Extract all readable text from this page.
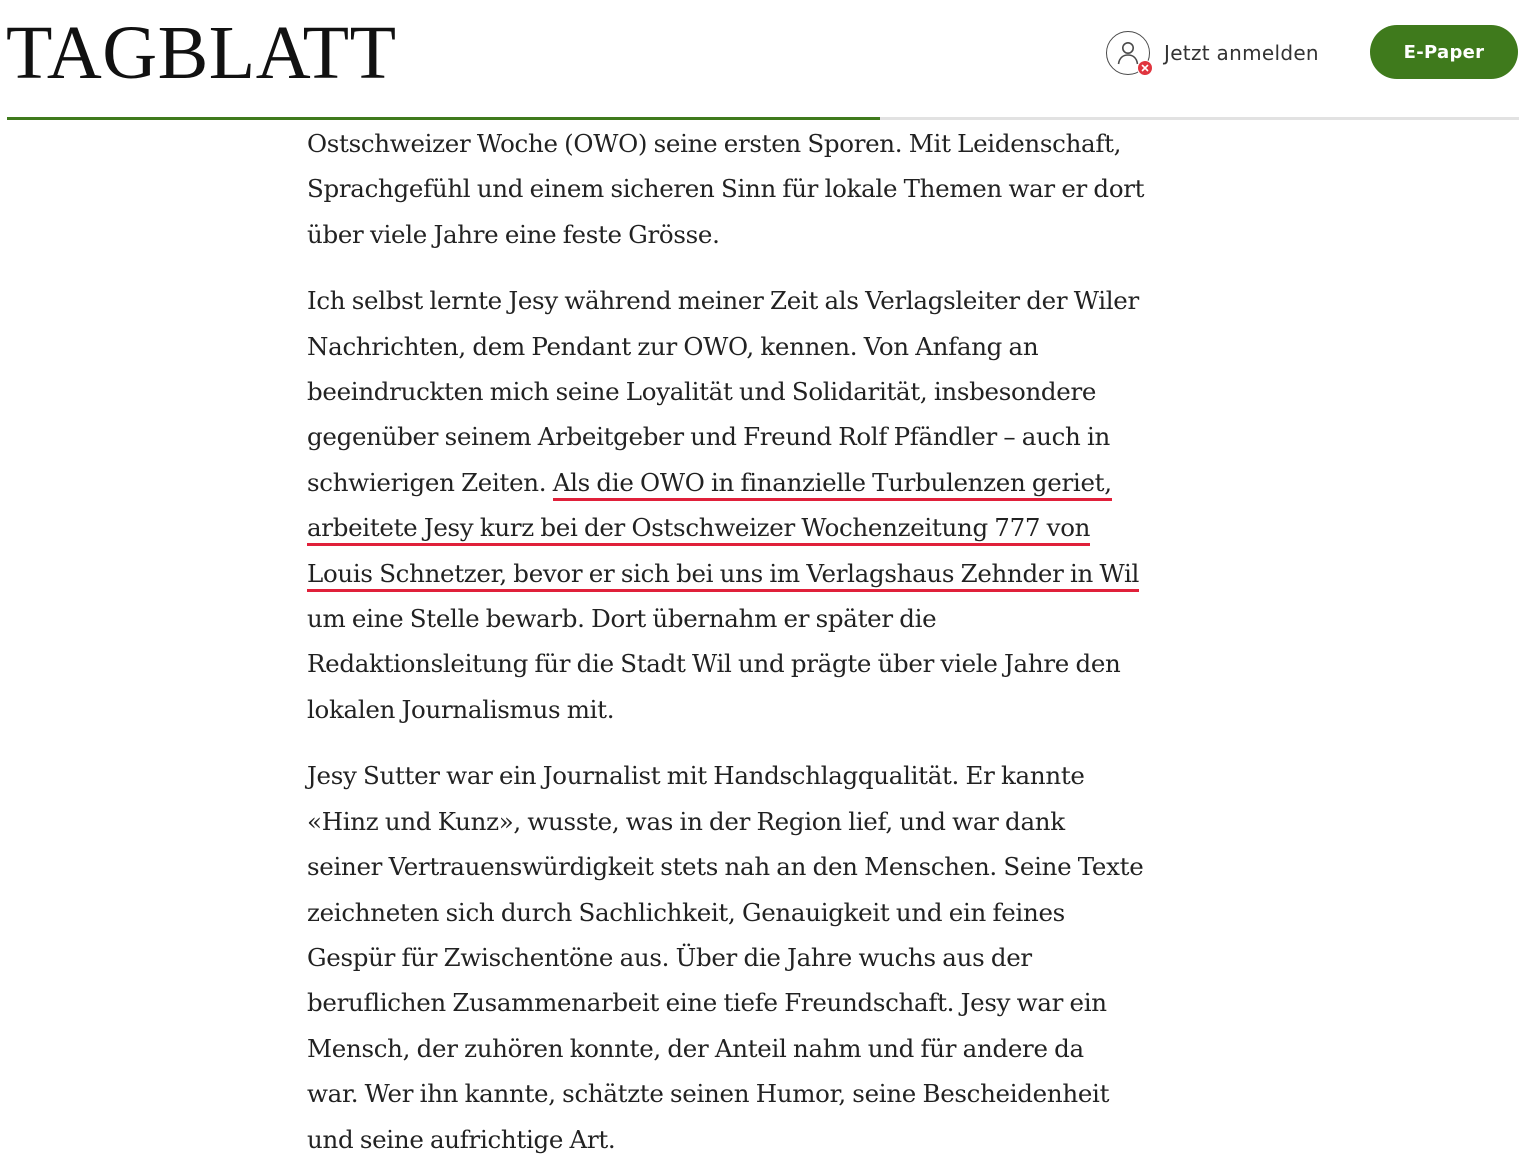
TAGBLATT	Jetzt anmelden	E-Paper

Ostschweizer Woche (OWO) seine ersten Sporen. Mit Leidenschaft,
Sprachgefühl und einem sicheren Sinn für lokale Themen war er dort
über viele Jahre eine feste Grösse.

Ich selbst lernte Jesy während meiner Zeit als Verlagsleiter der Wiler
Nachrichten, dem Pendant zur OWO, kennen. Von Anfang an
beeindruckten mich seine Loyalität und Solidarität, insbesondere
gegenüber seinem Arbeitgeber und Freund Rolf Pfändler – auch in
schwierigen Zeiten. Als die OWO in finanzielle Turbulenzen geriet,
arbeitete Jesy kurz bei der Ostschweizer Wochenzeitung 777 von
Louis Schnetzer, bevor er sich bei uns im Verlagshaus Zehnder in Wil
um eine Stelle bewarb. Dort übernahm er später die
Redaktionsleitung für die Stadt Wil und prägte über viele Jahre den
lokalen Journalismus mit.

Jesy Sutter war ein Journalist mit Handschlagqualität. Er kannte
«Hinz und Kunz», wusste, was in der Region lief, und war dank
seiner Vertrauenswürdigkeit stets nah an den Menschen. Seine Texte
zeichneten sich durch Sachlichkeit, Genauigkeit und ein feines
Gespür für Zwischentöne aus. Über die Jahre wuchs aus der
beruflichen Zusammenarbeit eine tiefe Freundschaft. Jesy war ein
Mensch, der zuhören konnte, der Anteil nahm und für andere da
war. Wer ihn kannte, schätzte seinen Humor, seine Bescheidenheit
und seine aufrichtige Art.
